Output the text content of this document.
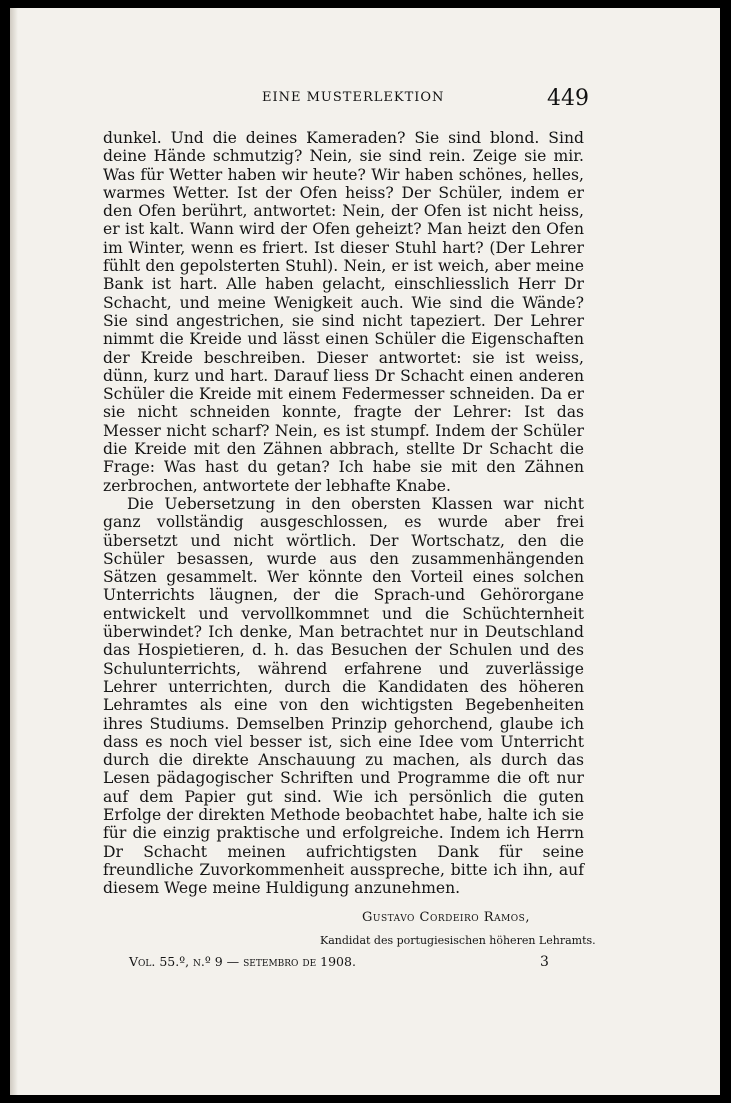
EINE MUSTERLEKTION	449

dunkel. Und die deines Kameraden? Sie sind blond. Sind deine Hände schmutzig? Nein, sie sind rein. Zeige sie mir. Was für Wetter haben wir heute? Wir haben schönes, helles, warmes Wetter. Ist der Ofen heiss? Der Schüler, indem er den Ofen berührt, antwortet: Nein, der Ofen ist nicht heiss, er ist kalt. Wann wird der Ofen geheizt? Man heizt den Ofen im Winter, wenn es friert. Ist dieser Stuhl hart? (Der Lehrer fühlt den gepolsterten Stuhl). Nein, er ist weich, aber meine Bank ist hart. Alle haben gelacht, einschliesslich Herr Dr Schacht, und meine Wenigkeit auch. Wie sind die Wände? Sie sind angestrichen, sie sind nicht tapeziert. Der Lehrer nimmt die Kreide und lässt einen Schüler die Eigenschaften der Kreide beschreiben. Dieser antwortet: sie ist weiss, dünn, kurz und hart. Darauf liess Dr Schacht einen anderen Schüler die Kreide mit einem Federmesser schneiden. Da er sie nicht schneiden konnte, fragte der Lehrer: Ist das Messer nicht scharf? Nein, es ist stumpf. Indem der Schüler die Kreide mit den Zähnen abbrach, stellte Dr Schacht die Frage: Was hast du getan? Ich habe sie mit den Zähnen zerbrochen, antwortete der lebhafte Knabe.

Die Uebersetzung in den obersten Klassen war nicht ganz vollständig ausgeschlossen, es wurde aber frei übersetzt und nicht wörtlich. Der Wortschatz, den die Schüler besassen, wurde aus den zusammenhängenden Sätzen gesammelt. Wer könnte den Vorteil eines solchen Unterrichts läugnen, der die Sprach-und Gehörorgane entwickelt und vervollkommnet und die Schüchternheit überwindet? Ich denke, Man betrachtet nur in Deutschland das Hospietieren, d. h. das Besuchen der Schulen und des Schulunterrichts, während erfahrene und zuverlässige Lehrer unterrichten, durch die Kandidaten des höheren Lehramtes als eine von den wichtigsten Begebenheiten ihres Studiums. Demselben Prinzip gehorchend, glaube ich dass es noch viel besser ist, sich eine Idee vom Unterricht durch die direkte Anschauung zu machen, als durch das Lesen pädagogischer Schriften und Programme die oft nur auf dem Papier gut sind. Wie ich persönlich die guten Erfolge der direkten Methode beobachtet habe, halte ich sie für die einzig praktische und erfolgreiche. Indem ich Herrn Dr Schacht meinen aufrichtigsten Dank für seine freundliche Zuvorkommenheit ausspreche, bitte ich ihn, auf diesem Wege meine Huldigung anzunehmen.

Gustavo Cordeiro Ramos,
Kandidat des portugiesischen höheren Lehramts.
Vol. 55.º, n.º 9 — setembro de 1908.	3
